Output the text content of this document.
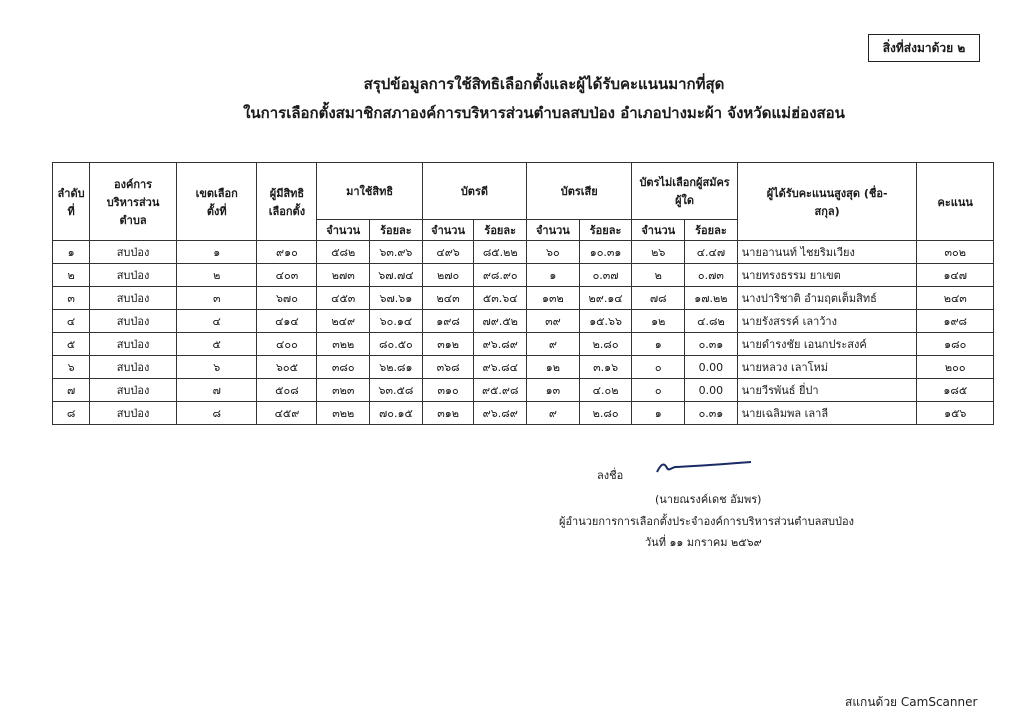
สิ่งที่ส่งมาด้วย ๒
สรุปข้อมูลการใช้สิทธิเลือกตั้งและผู้ได้รับคะแนนมากที่สุด
ในการเลือกตั้งสมาชิกสภาองค์การบริหารส่วนตำบลสบป่อง อำเภอปางมะผ้า จังหวัดแม่ฮ่องสอน
ลำดับที่	องค์การบริหารส่วนตำบล	เขตเลือกตั้งที่	ผู้มีสิทธิเลือกตั้ง	มาใช้สิทธิ		บัตรดี		บัตรเสีย		บัตรไม่เลือกผู้สมัครผู้ใด		ผู้ได้รับคะแนนสูงสุด (ชื่อ-สกุล)	คะแนน
				จำนวน	ร้อยละ	จำนวน	ร้อยละ	จำนวน	ร้อยละ	จำนวน	ร้อยละ		
๑	สบป่อง	๑	๙๑๐	๕๘๒	๖๓.๙๖	๔๙๖	๘๕.๒๒	๖๐	๑๐.๓๑	๒๖	๔.๔๗	นายอานนท์ ไชยริมเวียง	๓๐๒
๒	สบป่อง	๒	๔๐๓	๒๗๓	๖๗.๗๔	๒๗๐	๙๘.๙๐	๑	๐.๓๗	๒	๐.๗๓	นายทรงธรรม ยาเขต	๑๔๗
๓	สบป่อง	๓	๖๗๐	๔๕๓	๖๗.๖๑	๒๔๓	๕๓.๖๔	๑๓๒	๒๙.๑๔	๗๘	๑๗.๒๒	นางปาริชาติ อำมฤตเต็มสิทธ์	๒๔๓
๔	สบป่อง	๔	๔๑๔	๒๔๙	๖๐.๑๔	๑๙๘	๗๙.๕๒	๓๙	๑๕.๖๖	๑๒	๔.๘๒	นายรังสรรค์ เลาว้าง	๑๙๘
๕	สบป่อง	๕	๔๐๐	๓๒๒	๘๐.๕๐	๓๑๒	๙๖.๘๙	๙	๒.๘๐	๑	๐.๓๑	นายดำรงชัย เอนกประสงค์	๑๘๐
๖	สบป่อง	๖	๖๐๕	๓๘๐	๖๒.๘๑	๓๖๘	๙๖.๘๔	๑๒	๓.๑๖	๐	0.00	นายหลวง เลาโหม่	๒๐๐
๗	สบป่อง	๗	๕๐๘	๓๒๓	๖๓.๕๘	๓๑๐	๙๕.๙๘	๑๓	๔.๐๒	๐	0.00	นายวีรพันธ์ ยี่ปา	๑๘๕
๘	สบป่อง	๘	๔๕๙	๓๒๒	๗๐.๑๕	๓๑๒	๙๖.๘๙	๙	๒.๘๐	๑	๐.๓๑	นายเฉลิมพล เลาลี	๑๕๖
ลงชื่อ
(นายณรงค์เดช อัมพร)
ผู้อำนวยการการเลือกตั้งประจำองค์การบริหารส่วนตำบลสบป่อง
วันที่ ๑๑ มกราคม ๒๕๖๙
สแกนด้วย CamScanner
